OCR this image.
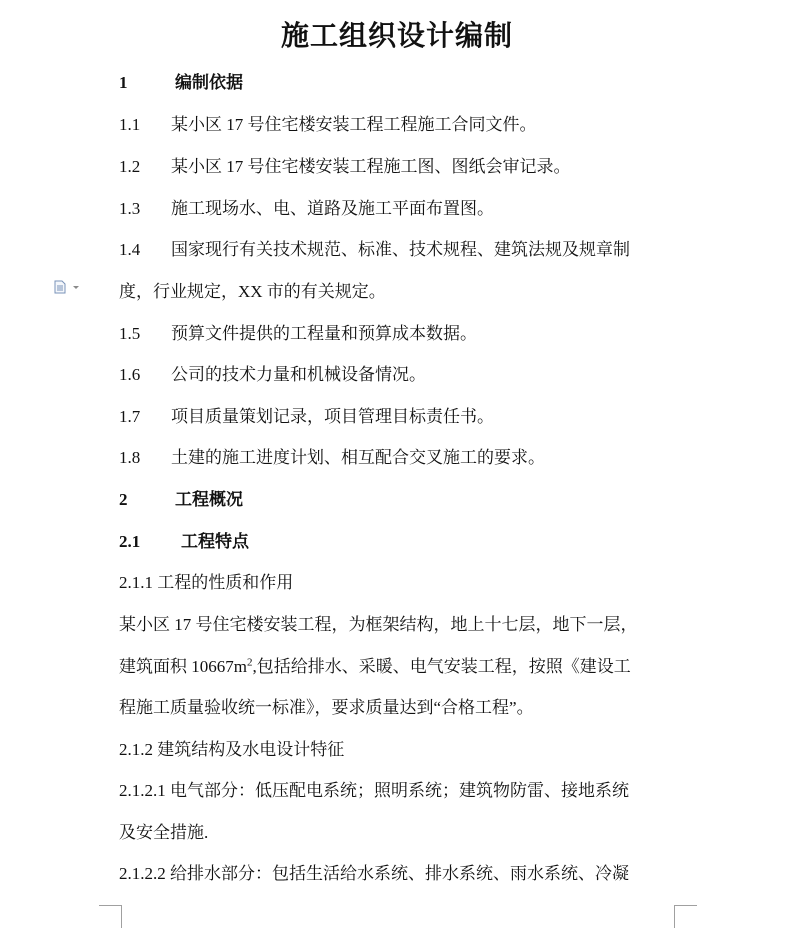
施工组织设计编制
1	编制依据
1.1 某小区 17 号住宅楼安装工程工程施工合同文件。
1.2 某小区 17 号住宅楼安装工程施工图、图纸会审记录。
1.3 施工现场水、电、道路及施工平面布置图。
1.4 国家现行有关技术规范、标准、技术规程、建筑法规及规章制
度，行业规定，XX 市的有关规定。
1.5 预算文件提供的工程量和预算成本数据。
1.6 公司的技术力量和机械设备情况。
1.7 项目质量策划记录，项目管理目标责任书。
1.8 土建的施工进度计划、相互配合交叉施工的要求。
2	工程概况
2.1 工程特点
2.1.1 工程的性质和作用
某小区 17 号住宅楼安装工程，为框架结构，地上十七层，地下一层，
建筑面积 $10667m^2$,包括给排水、采暖、电气安装工程，按照《建设工
程施工质量验收统一标准》，要求质量达到“合格工程”。
2.1.2 建筑结构及水电设计特征
2.1.2.1 电气部分：低压配电系统；照明系统；建筑物防雷、接地系统
及安全措施.
2.1.2.2 给排水部分：包括生活给水系统、排水系统、雨水系统、冷凝
